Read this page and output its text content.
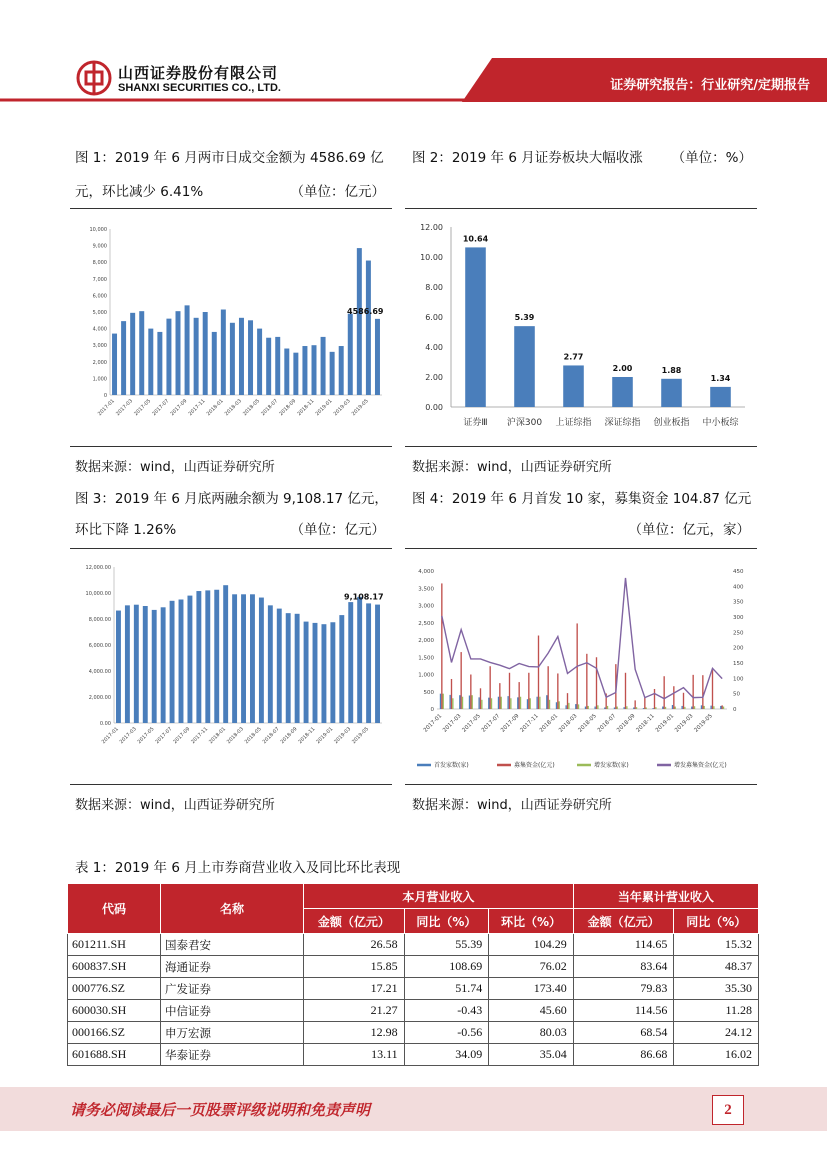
山西证券股份有限公司
SHANXI SECURITIES CO., LTD.	证券研究报告：行业研究/定期报告
图 1：2019 年 6 月两市日成交金额为 4586.69 亿
元，环比减少 6.41%	（单位：亿元）
10,000
9,000
8,000
7,000
6,000
5,000
4,000
3,000
2,000
1,000
0
2017-01 2017-03 2017-05 2017-07 2017-09 2017-11 2018-01 2018-03 2018-05 2018-07 2018-09 2018-11 2019-01 2019-03 2019-05
4586.69
数据来源：wind，山西证券研究所
图 2：2019 年 6 月证券板块大幅收涨	（单位：%）
12.00
10.00
8.00
6.00
4.00
2.00
0.00
10.64
证券Ⅲ
5.39
沪深300
2.77
上证综指
2.00
深证综指
1.88
创业板指
1.34
中小板综
数据来源：wind，山西证券研究所
图 3：2019 年 6 月底两融余额为 9,108.17 亿元，
环比下降 1.26%	（单位：亿元）
12,000.00
10,000.00
8,000.00
6,000.00
4,000.00
2,000.00
0.00
2017-01
2017-03
2017-05
2017-07
2017-09
2017-11
2018-01
2018-03
2018-05
2018-07
2018-09
2018-11
2019-01
2019-03
2019-05
9,108.17
数据来源：wind，山西证券研究所
图 4：2019 年 6 月首发 10 家，募集资金 104.87 亿元
（单位：亿元，家）
4,000
3,500
3,000
2,500
2,000
1,500
1,000
500
0
450
400
350
300
250
200
150
100
50
0
2017-01
2017-03
2017-05
2017-07
2017-09
2017-11
2018-01
2018-03
2018-05
2018-07
2018-09
2018-11
2019-01
2019-03
2019-05
首发家数(家)	募集资金(亿元)	增发家数(家)	增发募集资金(亿元)
数据来源：wind，山西证券研究所
表 1：2019 年 6 月上市券商营业收入及同比环比表现
代码	名称	本月营业收入			当年累计营业收入	
		金额（亿元）	同比（%）	环比（%）	金额（亿元）	同比（%）
601211.SH	国泰君安	26.58	55.39	104.29	114.65	15.32
600837.SH	海通证券	15.85	108.69	76.02	83.64	48.37
000776.SZ	广发证券	17.21	51.74	173.40	79.83	35.30
600030.SH	中信证券	21.27	-0.43	45.60	114.56	11.28
000166.SZ	申万宏源	12.98	-0.56	80.03	68.54	24.12
601688.SH	华泰证券	13.11	34.09	35.04	86.68	16.02
请务必阅读最后一页股票评级说明和免责声明	2
